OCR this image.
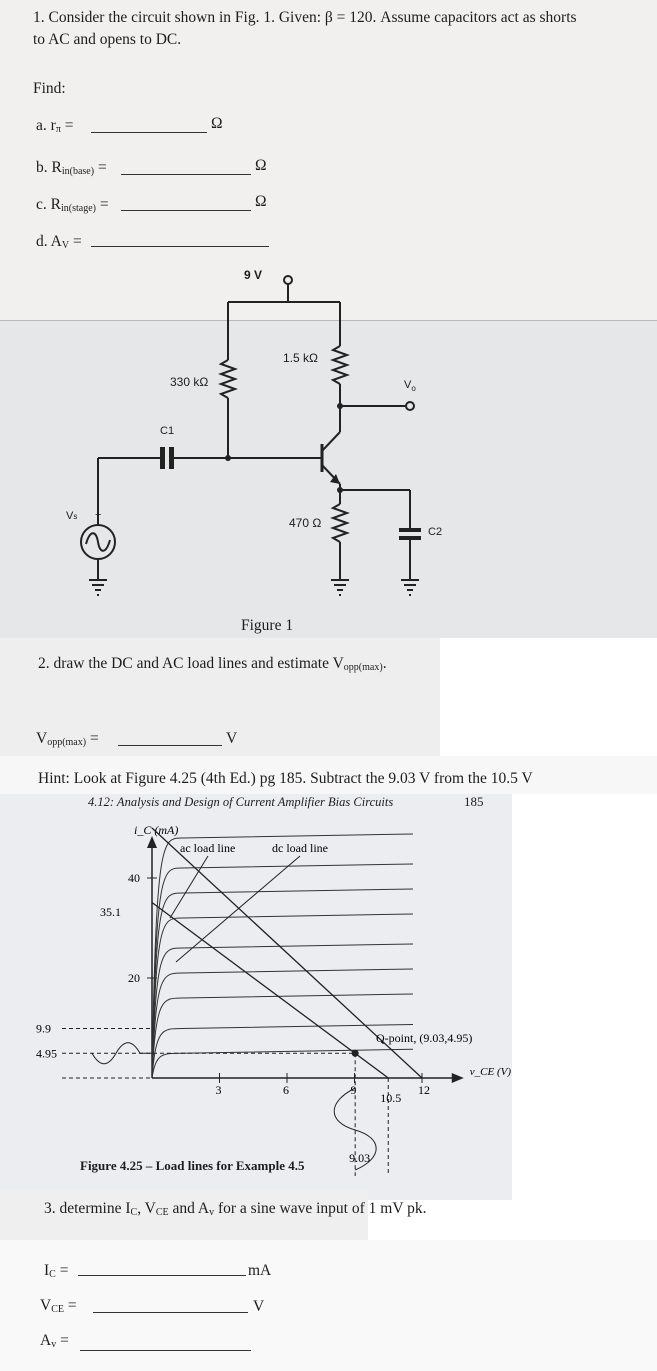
1. Consider the circuit shown in Fig. 1. Given: β = 120. Assume capacitors act as shorts
to AC and opens to DC.
Find:
a. $r_\pi$ =	Ω
b. $R_{in(base)}$ =	Ω
c. $R_{in(stage)}$ =	Ω
d. $A_V$ =
9 V
330 kΩ
1.5 kΩ
470 Ω
C1
C2
Vs +
$V_o$
Figure 1
2. draw the DC and AC load lines and estimate $V_{opp(max)}$.
$V_{opp(max)}$ =	V
Hint: Look at Figure 4.25 (4th Ed.) pg 185. Subtract the 9.03 V from the 10.5 V
4.12: Analysis and Design of Current Amplifier Bias Circuits	185
i_C (mA)
v_CE (V)
3	6	9	12
20
40
ac load line	dc load line
Q-point, (9.03,4.95)
35.1
9.9
4.95
10.5
9.03
Figure 4.25 – Load lines for Example 4.5
3. determine $I_C$, $V_{CE}$ and $A_v$ for a sine wave input of 1 mV pk.
$I_C$ =	mA
$V_{CE}$ =	V
$A_v$ =
